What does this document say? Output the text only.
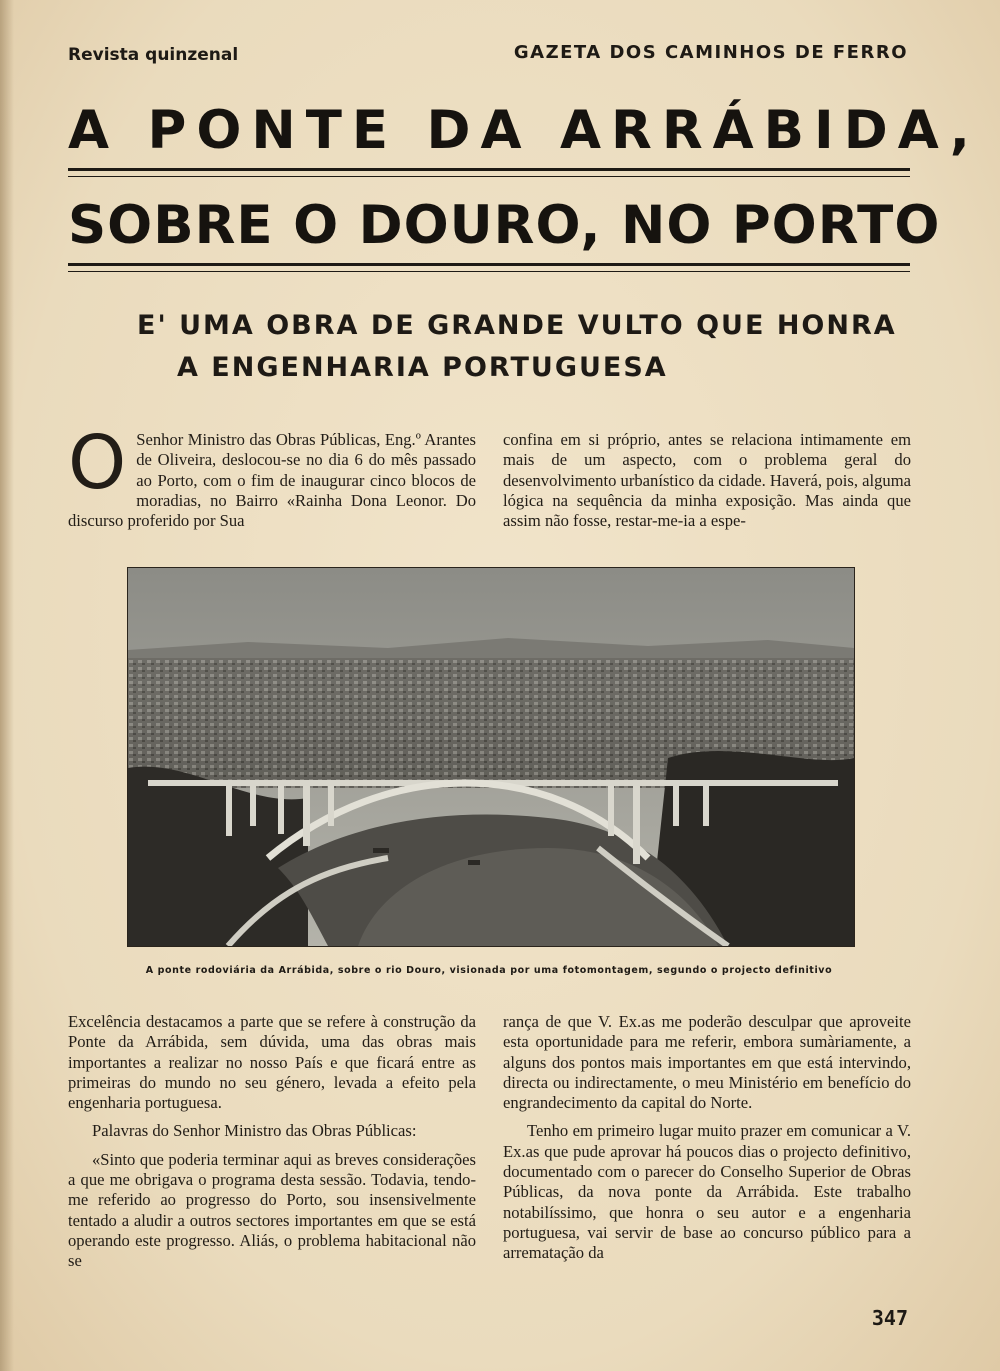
Revista quinzenal	GAZETA DOS CAMINHOS DE FERRO
A PONTE DA ARRÁBIDA,
SOBRE O DOURO, NO PORTO
E' UMA OBRA DE GRANDE VULTO QUE HONRA
A ENGENHARIA PORTUGUESA
O Senhor Ministro das Obras Públicas, Eng.º Arantes de Oliveira, deslocou-se no dia 6 do mês passado ao Porto, com o fim de inaugurar cinco blocos de moradias, no Bairro «Rainha Dona Leonor. Do discurso proferido por Sua
confina em si próprio, antes se relaciona intimamente em mais de um aspecto, com o problema geral do desenvolvimento urbanístico da cidade. Haverá, pois, alguma lógica na sequência da minha exposição. Mas ainda que assim não fosse, restar-me-ia a espe-
A ponte rodoviária da Arrábida, sobre o rio Douro, visionada por uma fotomontagem, segundo o projecto definitivo

Excelência destacamos a parte que se refere à construção da Ponte da Arrábida, sem dúvida, uma das obras mais importantes a realizar no nosso País e que ficará entre as primeiras do mundo no seu género, levada a efeito pela engenharia portuguesa.

Palavras do Senhor Ministro das Obras Públicas:

«Sinto que poderia terminar aqui as breves considerações a que me obrigava o programa desta sessão. Todavia, tendo-me referido ao progresso do Porto, sou insensivelmente tentado a aludir a outros sectores importantes em que se está operando este progresso. Aliás, o problema habitacional não se

rança de que V. Ex.as me poderão desculpar que aproveite esta oportunidade para me referir, embora sumàriamente, a alguns dos pontos mais importantes em que está intervindo, directa ou indirectamente, o meu Ministério em benefício do engrandecimento da capital do Norte.

Tenho em primeiro lugar muito prazer em comunicar a V. Ex.as que pude aprovar há poucos dias o projecto definitivo, documentado com o parecer do Conselho Superior de Obras Públicas, da nova ponte da Arrábida. Este trabalho notabilíssimo, que honra o seu autor e a engenharia portuguesa, vai servir de base ao concurso público para a arrematação da

347
